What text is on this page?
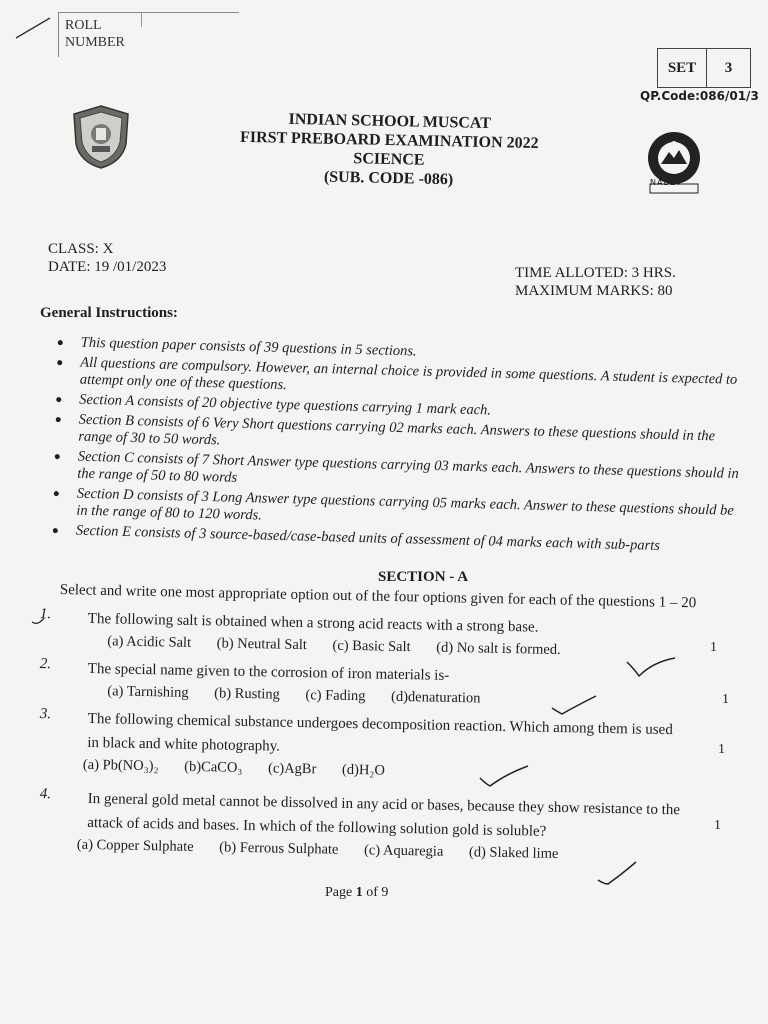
ROLL NUMBER
SET	3
QP.Code:086/01/3
NABET
INDIAN SCHOOL MUSCAT
FIRST PREBOARD EXAMINATION 2022
SCIENCE
(SUB. CODE -086)
CLASS: X
DATE: 19 /01/2023	TIME ALLOTED: 3 HRS.
MAXIMUM MARKS: 80
General Instructions:
This question paper consists of 39 questions in 5 sections.
All questions are compulsory. However, an internal choice is provided in some questions. A student is expected to attempt only one of these questions.
Section A consists of 20 objective type questions carrying 1 mark each.
Section B consists of 6 Very Short questions carrying 02 marks each. Answers to these questions should in the range of 30 to 50 words.
Section C consists of 7 Short Answer type questions carrying 03 marks each. Answers to these questions should in the range of 50 to 80 words
Section D consists of 3 Long Answer type questions carrying 05 marks each. Answer to these questions should be in the range of 80 to 120 words.
Section E consists of 3 source-based/case-based units of assessment of 04 marks each with sub-parts
SECTION - A
Select and write one most appropriate option out of the four options given for each of the questions 1 – 20
1. The following salt is obtained when a strong acid reacts with a strong base.
(a) Acidic Salt (b) Neutral Salt (c) Basic Salt (d) No salt is formed.	1
2. The special name given to the corrosion of iron materials is-
(a) Tarnishing (b) Rusting (c) Fading (d)denaturation	1
3. The following chemical substance undergoes decomposition reaction. Which among them is used in black and white photography.
(a) Pb(NO₃)₂ (b)CaCO₃ (c)AgBr (d)H₂O
1
4. In general gold metal cannot be dissolved in any acid or bases, because they show resistance to the attack of acids and bases. In which of the following solution gold is soluble?
(a) Copper Sulphate (b) Ferrous Sulphate (c) Aquaregia (d) Slaked lime
1
Page 1 of 9
